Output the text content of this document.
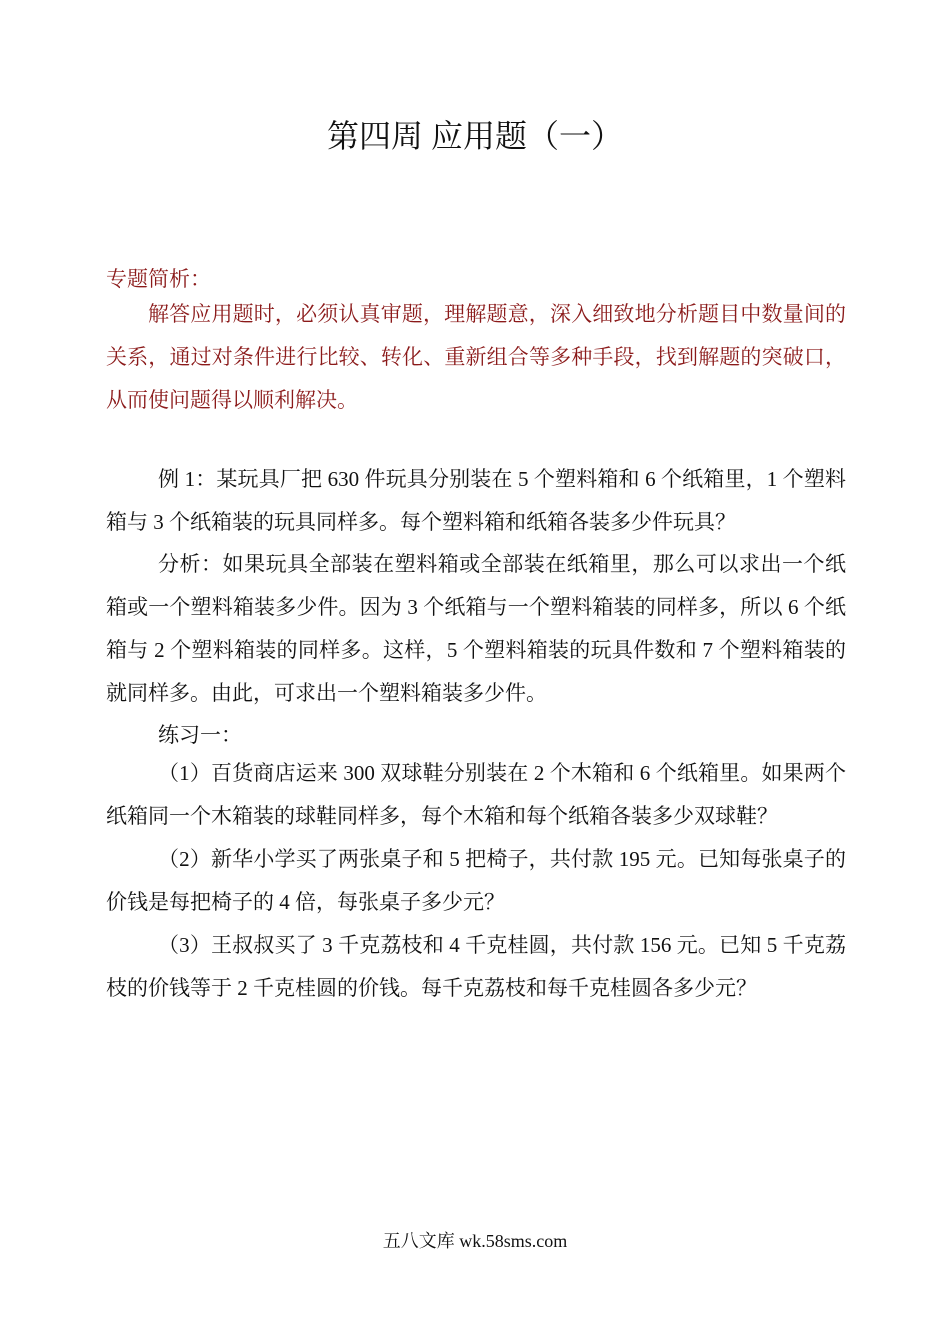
第四周 应用题（一）
专题简析：

解答应用题时，必须认真审题，理解题意，深入细致地分析题目中数量间的关系，通过对条件进行比较、转化、重新组合等多种手段，找到解题的突破口，从而使问题得以顺利解决。

例 1：某玩具厂把 630 件玩具分别装在 5 个塑料箱和 6 个纸箱里，1 个塑料箱与 3 个纸箱装的玩具同样多。每个塑料箱和纸箱各装多少件玩具？

分析：如果玩具全部装在塑料箱或全部装在纸箱里，那么可以求出一个纸箱或一个塑料箱装多少件。因为 3 个纸箱与一个塑料箱装的同样多，所以 6 个纸箱与 2 个塑料箱装的同样多。这样，5 个塑料箱装的玩具件数和 7 个塑料箱装的就同样多。由此，可求出一个塑料箱装多少件。

练习一：

（1）百货商店运来 300 双球鞋分别装在 2 个木箱和 6 个纸箱里。如果两个纸箱同一个木箱装的球鞋同样多，每个木箱和每个纸箱各装多少双球鞋？

（2）新华小学买了两张桌子和 5 把椅子，共付款 195 元。已知每张桌子的价钱是每把椅子的 4 倍，每张桌子多少元？

（3）王叔叔买了 3 千克荔枝和 4 千克桂圆，共付款 156 元。已知 5 千克荔枝的价钱等于 2 千克桂圆的价钱。每千克荔枝和每千克桂圆各多少元？

五八文库 wk.58sms.com
